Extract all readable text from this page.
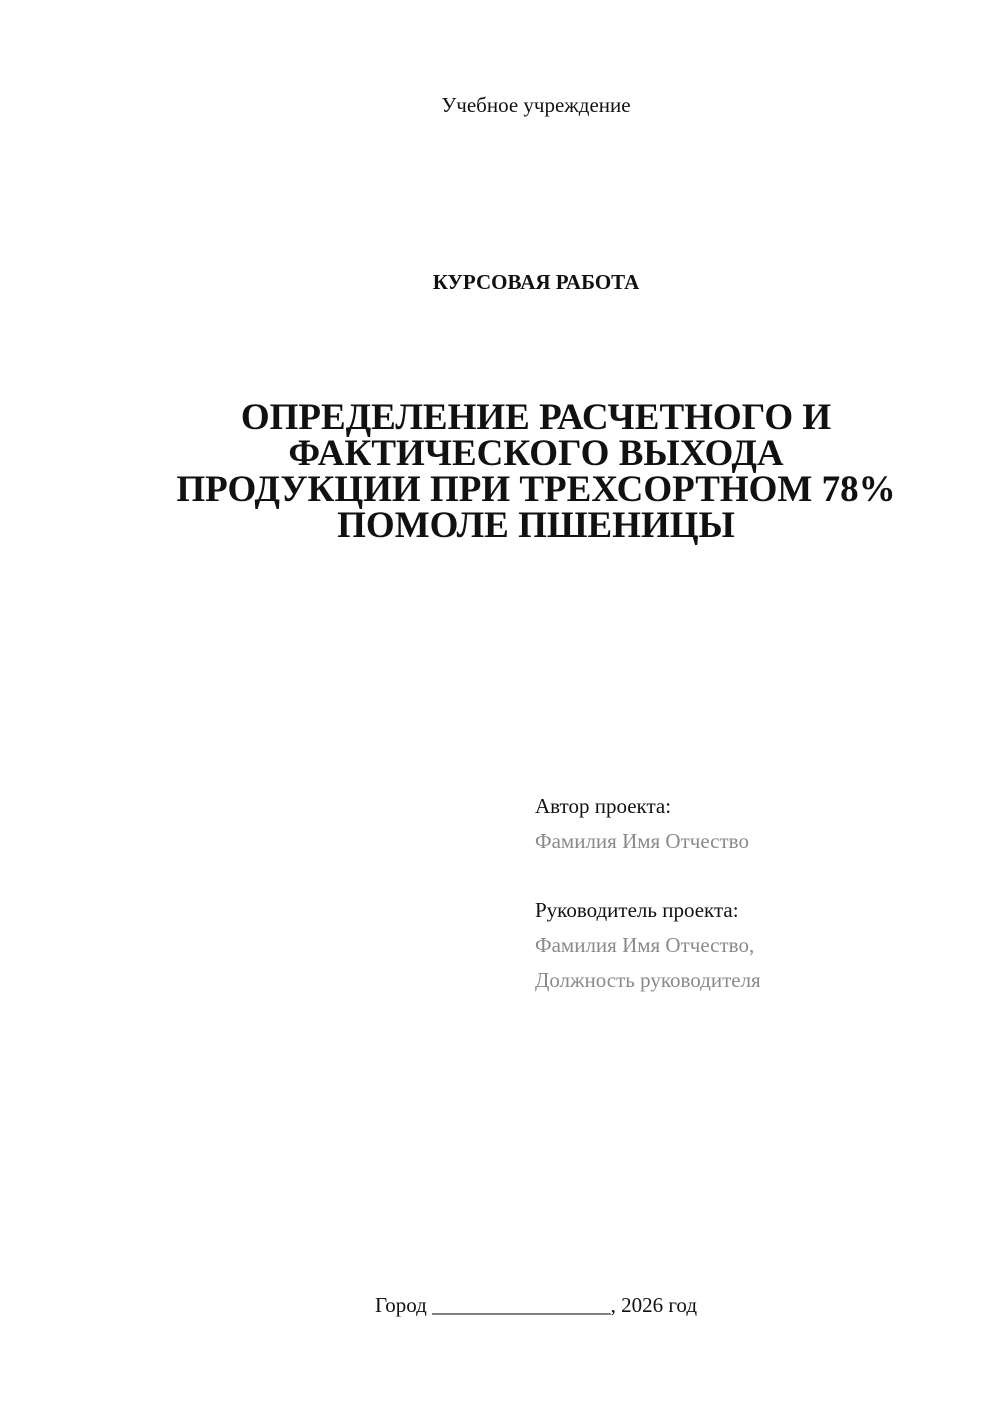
Учебное учреждение
КУРСОВАЯ РАБОТА
ОПРЕДЕЛЕНИЕ РАСЧЕТНОГО И
ФАКТИЧЕСКОГО ВЫХОДА
ПРОДУКЦИИ ПРИ ТРЕХСОРТНОМ 78%
ПОМОЛЕ ПШЕНИЦЫ
Автор проекта:
Фамилия Имя Отчество
Руководитель проекта:
Фамилия Имя Отчество,
Должность руководителя
Город _________________, 2026 год
